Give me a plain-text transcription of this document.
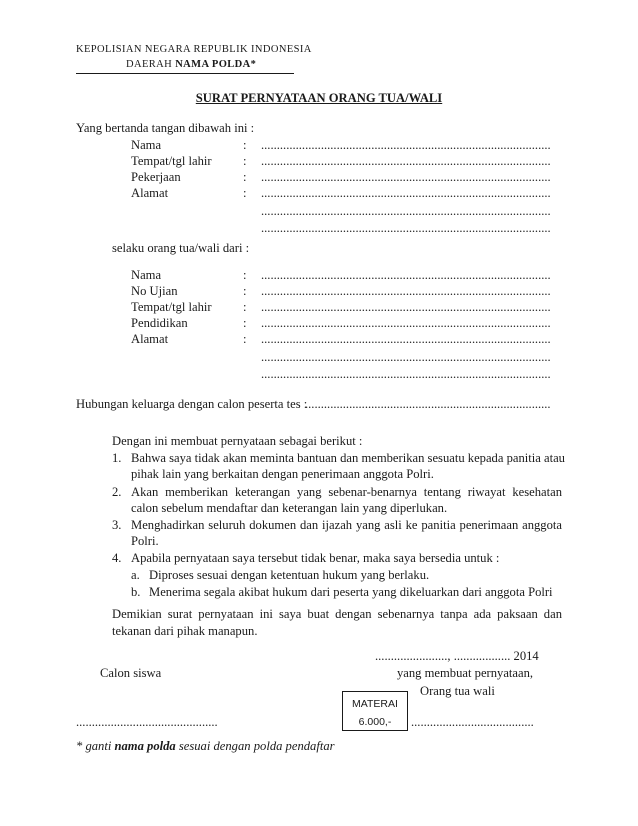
KEPOLISIAN NEGARA REPUBLIK INDONESIA
DAERAH NAMA POLDA*
SURAT PERNYATAAN ORANG TUA/WALI
Yang bertanda tangan dibawah ini :
Nama	:
.....
Tempat/tgl lahir :
.....
Pekerjaan	:
.....
Alamat	:
.....
.....
.....
selaku orang tua/wali dari :
Nama	:
.....
No Ujian	:
.....
Tempat/tgl lahir :
.....
Pendidikan	:
.....
Alamat	:
.....
.....
.....
Hubungan keluarga dengan calon peserta tes :
.....
Dengan ini membuat pernyataan sebagai berikut :
1. Bahwa saya tidak akan meminta bantuan dan memberikan sesuatu kepada panitia atau
pihak lain yang berkaitan dengan penerimaan anggota Polri.
2. Akan memberikan keterangan yang sebenar-benarnya tentang riwayat kesehatan
calon sebelum mendaftar dan keterangan lain yang diperlukan.
3. Menghadirkan seluruh dokumen dan ijazah yang asli ke panitia penerimaan anggota
Polri.
4. Apabila pernyataan saya tersebut tidak benar, maka saya bersedia untuk :
a. Diproses sesuai dengan ketentuan hukum yang berlaku.
b. Menerima segala akibat hukum dari peserta yang dikeluarkan dari anggota Polri
Demikian surat pernyataan ini saya buat dengan sebenarnya tanpa ada paksaan dan
tekanan dari pihak manapun.
......................., .................. 2014
Calon siswa	yang membuat pernyataan,
Orang tua wali
.............................................	.......................................
MATERAI
6.000,-
* ganti nama polda sesuai dengan polda pendaftar
